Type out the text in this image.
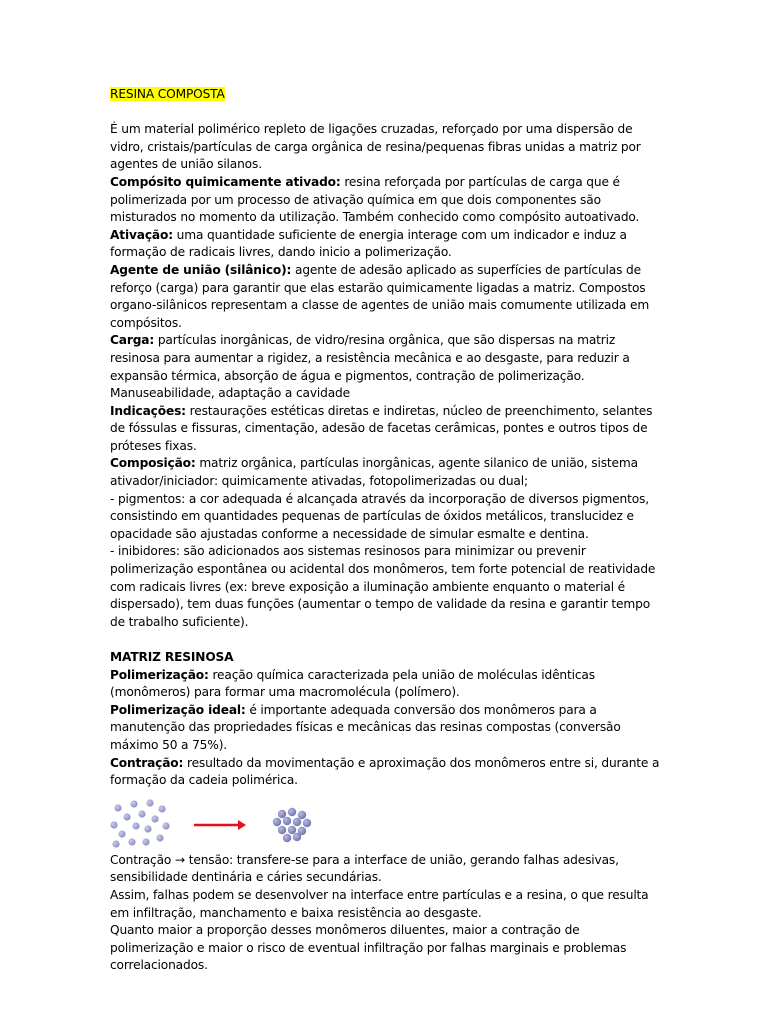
RESINA COMPOSTA

É um material polimérico repleto de ligações cruzadas, reforçado por uma dispersão de vidro, cristais/partículas de carga orgânica de resina/pequenas fibras unidas a matriz por agentes de união silanos.

Compósito quimicamente ativado: resina reforçada por partículas de carga que é polimerizada por um processo de ativação química em que dois componentes são misturados no momento da utilização. Também conhecido como compósito autoativado.

Ativação: uma quantidade suficiente de energia interage com um indicador e induz a formação de radicais livres, dando inicio a polimerização.

Agente de união (silânico): agente de adesão aplicado as superfícies de partículas de reforço (carga) para garantir que elas estarão quimicamente ligadas a matriz. Compostos organo-silânicos representam a classe de agentes de união mais comumente utilizada em compósitos.

Carga: partículas inorgânicas, de vidro/resina orgânica, que são dispersas na matriz resinosa para aumentar a rigidez, a resistência mecânica e ao desgaste, para reduzir a expansão térmica, absorção de água e pigmentos, contração de polimerização. Manuseabilidade, adaptação a cavidade

Indicações: restaurações estéticas diretas e indiretas, núcleo de preenchimento, selantes de fóssulas e fissuras, cimentação, adesão de facetas cerâmicas, pontes e outros tipos de próteses fixas.

Composição: matriz orgânica, partículas inorgânicas, agente silanico de união, sistema ativador/iniciador: quimicamente ativadas, fotopolimerizadas ou dual;

- pigmentos: a cor adequada é alcançada através da incorporação de diversos pigmentos, consistindo em quantidades pequenas de partículas de óxidos metálicos, translucidez e opacidade são ajustadas conforme a necessidade de simular esmalte e dentina.

- inibidores: são adicionados aos sistemas resinosos para minimizar ou prevenir polimerização espontânea ou acidental dos monômeros, tem forte potencial de reatividade com radicais livres (ex: breve exposição a iluminação ambiente enquanto o material é dispersado), tem duas funções (aumentar o tempo de validade da resina e garantir tempo de trabalho suficiente).

MATRIZ RESINOSA

Polimerização: reação química caracterizada pela união de moléculas idênticas (monômeros) para formar uma macromolécula (polímero).

Polimerização ideal: é importante adequada conversão dos monômeros para a manutenção das propriedades físicas e mecânicas das resinas compostas (conversão máximo 50 a 75%).

Contração: resultado da movimentação e aproximação dos monômeros entre si, durante a formação da cadeia polimérica.

Contração → tensão: transfere-se para a interface de união, gerando falhas adesivas, sensibilidade dentinária e cáries secundárias.

Assim, falhas podem se desenvolver na interface entre partículas e a resina, o que resulta em infiltração, manchamento e baixa resistência ao desgaste.

Quanto maior a proporção desses monômeros diluentes, maior a contração de polimerização e maior o risco de eventual infiltração por falhas marginais e problemas correlacionados.
